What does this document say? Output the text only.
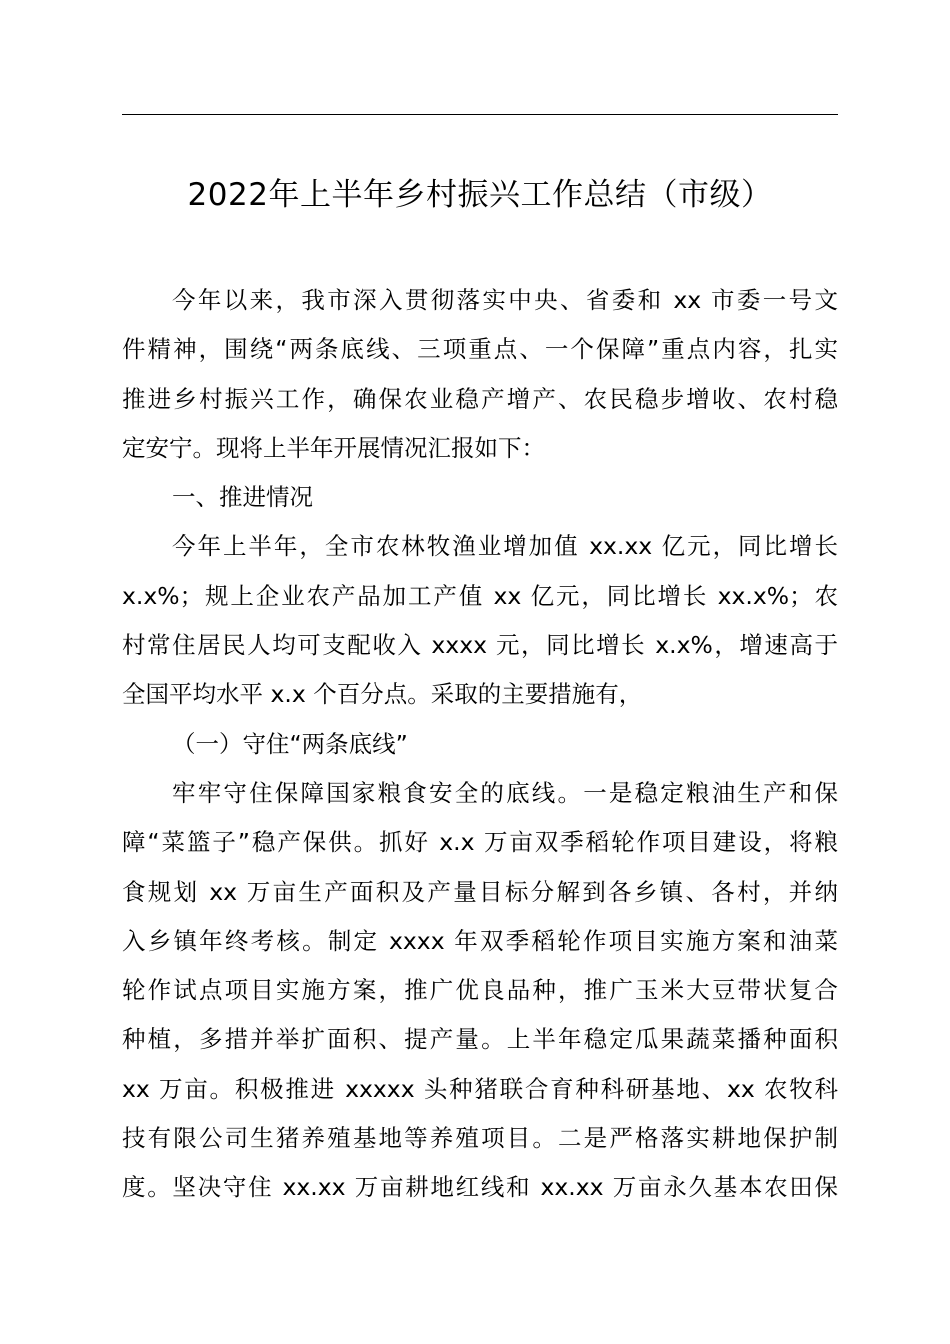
2022年上半年乡村振兴工作总结（市级）
今年以来，我市深入贯彻落实中央、省委和 xx 市委一号文
件精神，围绕“两条底线、三项重点、一个保障”重点内容，扎实
推进乡村振兴工作，确保农业稳产增产、农民稳步增收、农村稳
定安宁。现将上半年开展情况汇报如下：
一、推进情况
今年上半年，全市农林牧渔业增加值 xx.xx 亿元，同比增长
x.x%；规上企业农产品加工产值 xx 亿元，同比增长 xx.x%；农
村常住居民人均可支配收入 xxxx 元，同比增长 x.x%，增速高于
全国平均水平 x.x 个百分点。采取的主要措施有，
（一）守住“两条底线”
牢牢守住保障国家粮食安全的底线。一是稳定粮油生产和保
障“菜篮子”稳产保供。抓好 x.x 万亩双季稻轮作项目建设，将粮
食规划 xx 万亩生产面积及产量目标分解到各乡镇、各村，并纳
入乡镇年终考核。制定 xxxx 年双季稻轮作项目实施方案和油菜
轮作试点项目实施方案，推广优良品种，推广玉米大豆带状复合
种植，多措并举扩面积、提产量。上半年稳定瓜果蔬菜播种面积
xx 万亩。积极推进 xxxxx 头种猪联合育种科研基地、xx 农牧科
技有限公司生猪养殖基地等养殖项目。二是严格落实耕地保护制
度。坚决守住 xx.xx 万亩耕地红线和 xx.xx 万亩永久基本农田保
